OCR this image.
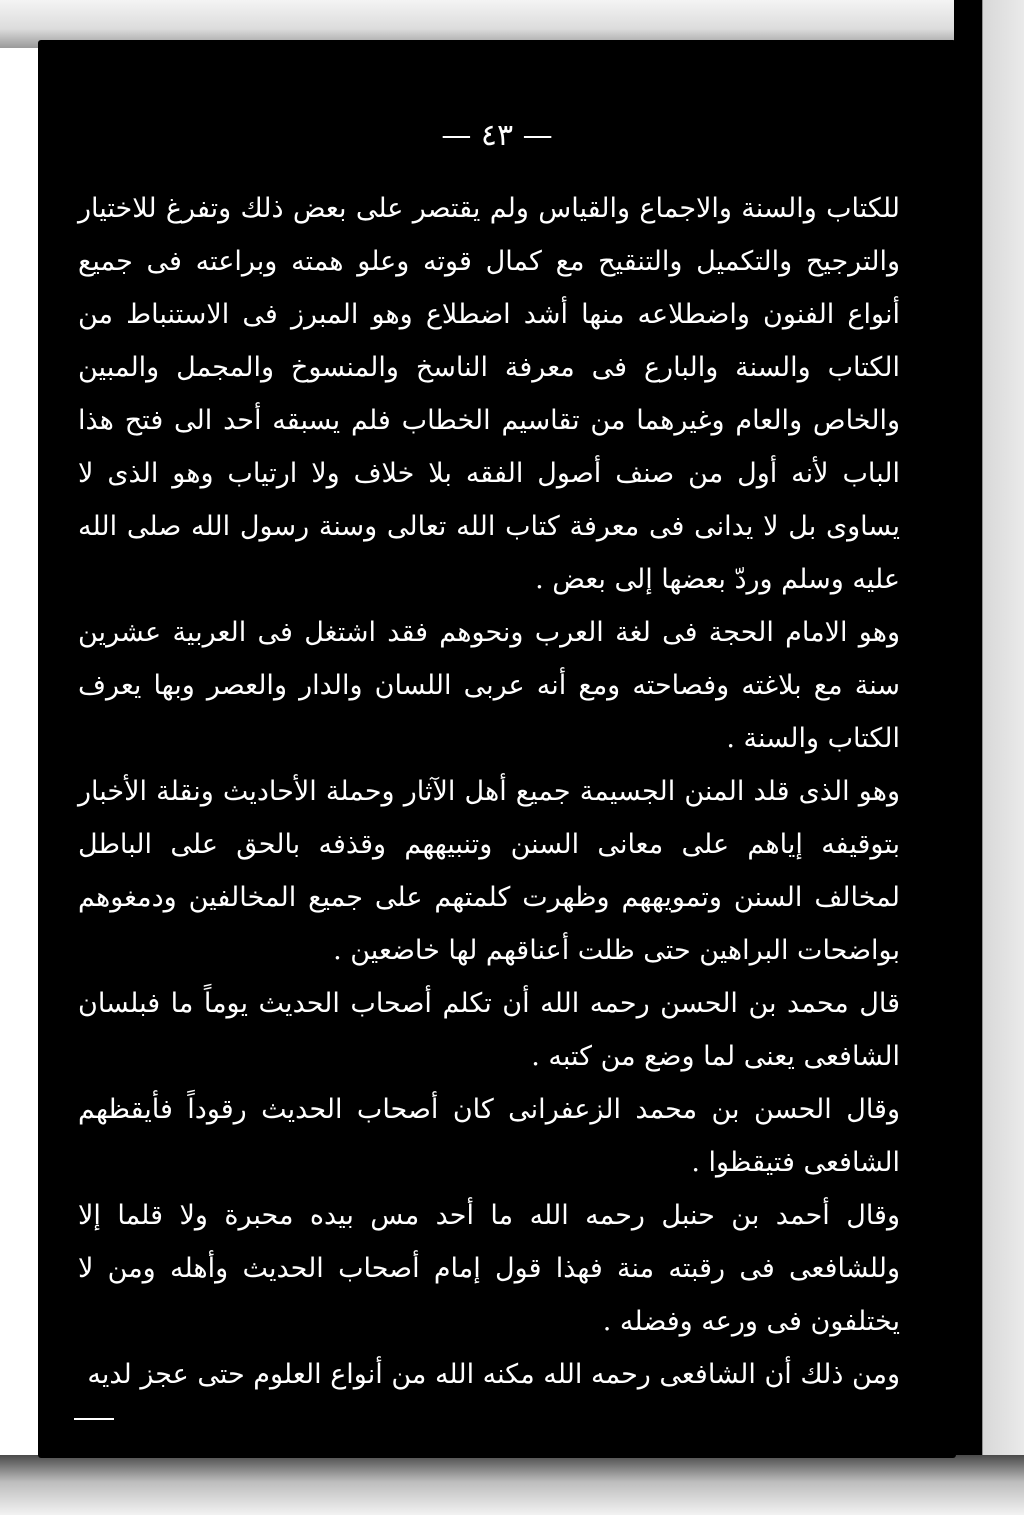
— ٤٣ —

للكتاب والسنة والاجماع والقياس ولم يقتصر على بعض ذلك وتفرغ للاختيار والترجيح والتكميل والتنقيح مع كمال قوته وعلو همته وبراعته فى جميع أنواع الفنون واضطلاعه منها أشد اضطلاع وهو المبرز فى الاستنباط من الكتاب والسنة والبارع فى معرفة الناسخ والمنسوخ والمجمل والمبين والخاص والعام وغيرهما من تقاسيم الخطاب فلم يسبقه أحد الى فتح هذا الباب لأنه أول من صنف أصول الفقه بلا خلاف ولا ارتياب وهو الذى لا يساوى بل لا يدانى فى معرفة كتاب الله تعالى وسنة رسول الله صلى الله عليه وسلم وردّ بعضها إلى بعض .

وهو الامام الحجة فى لغة العرب ونحوهم فقد اشتغل فى العربية عشرين سنة مع بلاغته وفصاحته ومع أنه عربى اللسان والدار والعصر وبها يعرف الكتاب والسنة .

وهو الذى قلد المنن الجسيمة جميع أهل الآثار وحملة الأحاديث ونقلة الأخبار بتوقيفه إياهم على معانى السنن وتنبيههم وقذفه بالحق على الباطل لمخالف السنن وتمويههم وظهرت كلمتهم على جميع المخالفين ودمغوهم بواضحات البراهين حتى ظلت أعناقهم لها خاضعين .

قال محمد بن الحسن رحمه الله أن تكلم أصحاب الحديث يوماً ما فبلسان الشافعى يعنى لما وضع من كتبه .

وقال الحسن بن محمد الزعفرانى كان أصحاب الحديث رقوداً فأيقظهم الشافعى فتيقظوا .

وقال أحمد بن حنبل رحمه الله ما أحد مس بيده محبرة ولا قلما إلا وللشافعى فى رقبته منة فهذا قول إمام أصحاب الحديث وأهله ومن لا يختلفون فى ورعه وفضله .

ومن ذلك أن الشافعى رحمه الله مكنه الله من أنواع العلوم حتى عجز لديه
